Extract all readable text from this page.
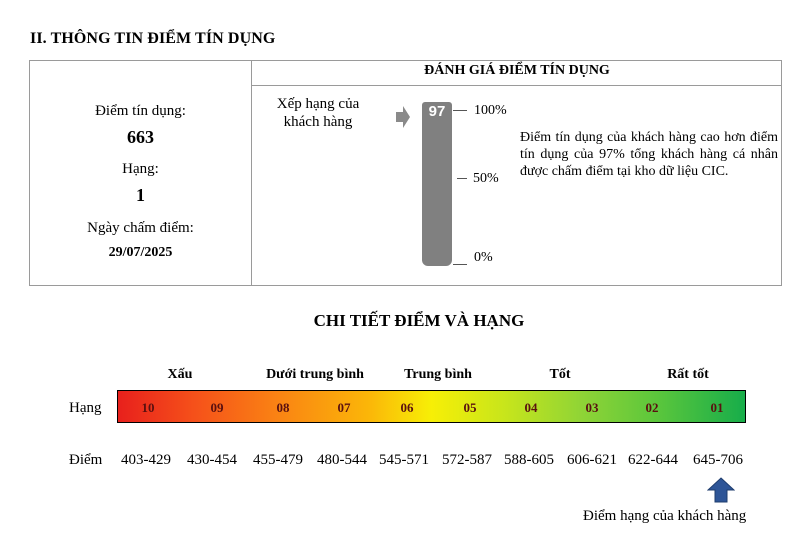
II. THÔNG TIN ĐIỂM TÍN DỤNG
ĐÁNH GIÁ ĐIỂM TÍN DỤNG
Điểm tín dụng:
663
Hạng:
1
Ngày chấm điểm:
29/07/2025
Xếp hạng của khách hàng
97	100%
50%
0%
Điểm tín dụng của khách hàng cao hơn điểm tín dụng của 97% tổng khách hàng cá nhân được chấm điểm tại kho dữ liệu CIC.
CHI TIẾT ĐIỂM VÀ HẠNG
Xấu	Dưới trung bình	Trung bình	Tốt	Rất tốt
Hạng	10	09	08	07	06	05	04	03	02	01
Điểm	403-429	430-454	455-479 480-544 545-571 572-587 588-605 606-621 622-644	645-706
Điểm hạng của khách hàng
